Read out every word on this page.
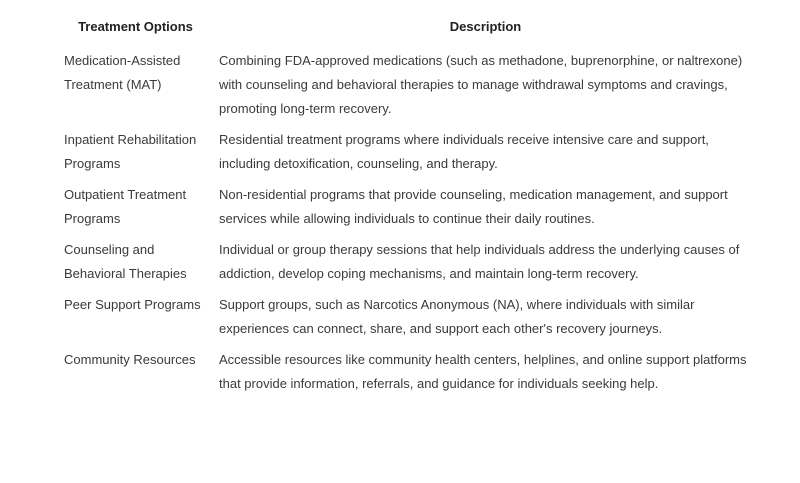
Treatment Options	Description
Medication-Assisted Treatment (MAT)	Combining FDA-approved medications (such as methadone, buprenorphine, or naltrexone) with counseling and behavioral therapies to manage withdrawal symptoms and cravings, promoting long-term recovery.
Inpatient Rehabilitation Programs	Residential treatment programs where individuals receive intensive care and support, including detoxification, counseling, and therapy.
Outpatient Treatment Programs	Non-residential programs that provide counseling, medication management, and support services while allowing individuals to continue their daily routines.
Counseling and Behavioral Therapies	Individual or group therapy sessions that help individuals address the underlying causes of addiction, develop coping mechanisms, and maintain long-term recovery.
Peer Support Programs	Support groups, such as Narcotics Anonymous (NA), where individuals with similar experiences can connect, share, and support each other's recovery journeys.
Community Resources	Accessible resources like community health centers, helplines, and online support platforms that provide information, referrals, and guidance for individuals seeking help.
